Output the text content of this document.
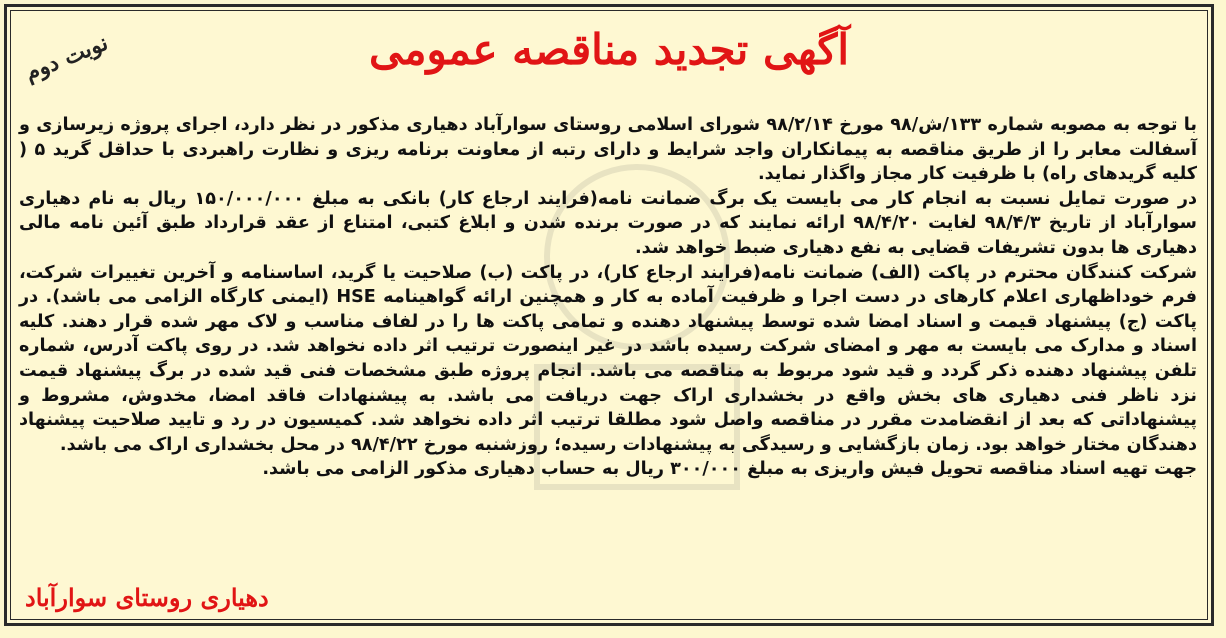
نوبت دوم	آگهی تجدید مناقصه عمومی

با توجه به مصوبه شماره ۱۳۳/ش/۹۸ مورخ ۹۸/۲/۱۴ شورای اسلامی روستای سوارآباد دهیاری مذکور در نظر دارد، اجرای پروژه زیرسازی و آسفالت معابر را از طریق مناقصه به پیمانکاران واجد شرایط و دارای رتبه از معاونت برنامه ریزی و نظارت راهبردی با حداقل گرید ۵ ( کلیه گریدهای راه) با ظرفیت کار مجاز واگذار نماید.

در صورت تمایل نسبت به انجام کار می بایست یک برگ ضمانت نامه(فرایند ارجاع کار) بانکی به مبلغ ۱۵۰/۰۰۰/۰۰۰ ریال به نام دهیاری سوارآباد از تاریخ ۹۸/۴/۳ لغایت ۹۸/۴/۲۰ ارائه نمایند که در صورت برنده شدن و ابلاغ کتبی، امتناع از عقد قرارداد طبق آئین نامه مالی دهیاری ها بدون تشریفات قضایی به نفع دهیاری ضبط خواهد شد.

شرکت کنندگان محترم در پاکت (الف) ضمانت نامه(فرایند ارجاع کار)، در پاکت (ب) صلاحیت یا گرید، اساسنامه و آخرین تغییرات شرکت، فرم خوداظهاری اعلام کارهای در دست اجرا و ظرفیت آماده به کار و همچنین ارائه گواهینامه HSE (ایمنی کارگاه الزامی می باشد). در پاکت (ج) پیشنهاد قیمت و اسناد امضا شده توسط پیشنهاد دهنده و تمامی پاکت ها را در لفاف مناسب و لاک مهر شده قرار دهند. کلیه اسناد و مدارک می بایست به مهر و امضای شرکت رسیده باشد در غیر اینصورت ترتیب اثر داده نخواهد شد. در روی پاکت آدرس، شماره تلفن پیشنهاد دهنده ذکر گردد و قید شود مربوط به مناقصه می باشد. انجام پروژه طبق مشخصات فنی قید شده در برگ پیشنهاد قیمت نزد ناظر فنی دهیاری های بخش واقع در بخشداری اراک جهت دریافت می باشد. به پیشنهادات فاقد امضا، مخدوش، مشروط و پیشنهاداتی که بعد از انقضامدت مقرر در مناقصه واصل شود مطلقا ترتیب اثر داده نخواهد شد. کمیسیون در رد و تایید صلاحیت پیشنهاد دهندگان مختار خواهد بود. زمان بازگشایی و رسیدگی به پیشنهادات رسیده؛ روزشنبه مورخ ۹۸/۴/۲۲ در محل بخشداری اراک می باشد.

جهت تهیه اسناد مناقصه تحویل فیش واریزی به مبلغ ۳۰۰/۰۰۰ ریال به حساب دهیاری مذکور الزامی می باشد.

دهیاری روستای سوارآباد
